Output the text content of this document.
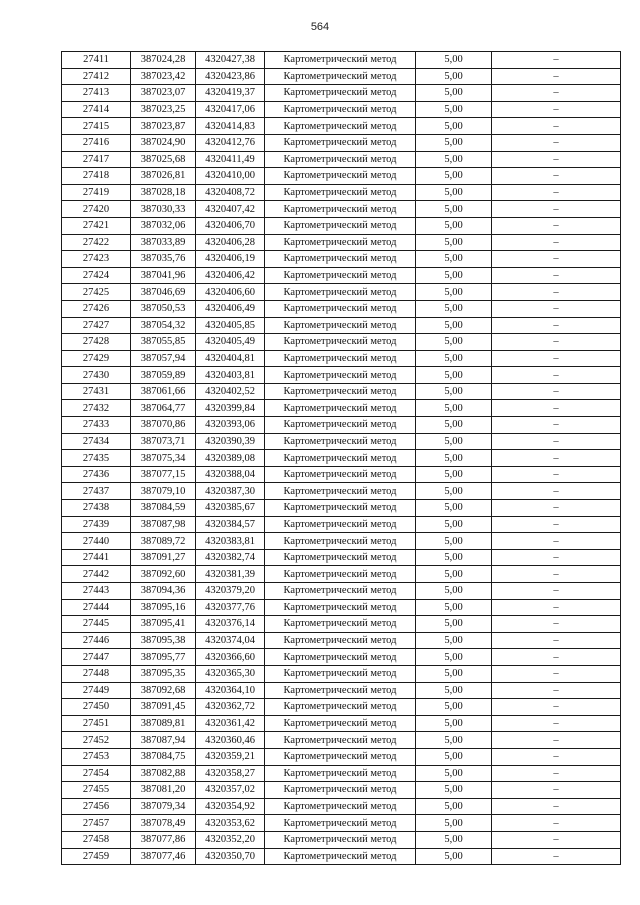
564
27411	387024,28	4320427,38	Картометрический метод	5,00	–
27412	387023,42	4320423,86	Картометрический метод	5,00	–
27413	387023,07	4320419,37	Картометрический метод	5,00	–
27414	387023,25	4320417,06	Картометрический метод	5,00	–
27415	387023,87	4320414,83	Картометрический метод	5,00	–
27416	387024,90	4320412,76	Картометрический метод	5,00	–
27417	387025,68	4320411,49	Картометрический метод	5,00	–
27418	387026,81	4320410,00	Картометрический метод	5,00	–
27419	387028,18	4320408,72	Картометрический метод	5,00	–
27420	387030,33	4320407,42	Картометрический метод	5,00	–
27421	387032,06	4320406,70	Картометрический метод	5,00	–
27422	387033,89	4320406,28	Картометрический метод	5,00	–
27423	387035,76	4320406,19	Картометрический метод	5,00	–
27424	387041,96	4320406,42	Картометрический метод	5,00	–
27425	387046,69	4320406,60	Картометрический метод	5,00	–
27426	387050,53	4320406,49	Картометрический метод	5,00	–
27427	387054,32	4320405,85	Картометрический метод	5,00	–
27428	387055,85	4320405,49	Картометрический метод	5,00	–
27429	387057,94	4320404,81	Картометрический метод	5,00	–
27430	387059,89	4320403,81	Картометрический метод	5,00	–
27431	387061,66	4320402,52	Картометрический метод	5,00	–
27432	387064,77	4320399,84	Картометрический метод	5,00	–
27433	387070,86	4320393,06	Картометрический метод	5,00	–
27434	387073,71	4320390,39	Картометрический метод	5,00	–
27435	387075,34	4320389,08	Картометрический метод	5,00	–
27436	387077,15	4320388,04	Картометрический метод	5,00	–
27437	387079,10	4320387,30	Картометрический метод	5,00	–
27438	387084,59	4320385,67	Картометрический метод	5,00	–
27439	387087,98	4320384,57	Картометрический метод	5,00	–
27440	387089,72	4320383,81	Картометрический метод	5,00	–
27441	387091,27	4320382,74	Картометрический метод	5,00	–
27442	387092,60	4320381,39	Картометрический метод	5,00	–
27443	387094,36	4320379,20	Картометрический метод	5,00	–
27444	387095,16	4320377,76	Картометрический метод	5,00	–
27445	387095,41	4320376,14	Картометрический метод	5,00	–
27446	387095,38	4320374,04	Картометрический метод	5,00	–
27447	387095,77	4320366,60	Картометрический метод	5,00	–
27448	387095,35	4320365,30	Картометрический метод	5,00	–
27449	387092,68	4320364,10	Картометрический метод	5,00	–
27450	387091,45	4320362,72	Картометрический метод	5,00	–
27451	387089,81	4320361,42	Картометрический метод	5,00	–
27452	387087,94	4320360,46	Картометрический метод	5,00	–
27453	387084,75	4320359,21	Картометрический метод	5,00	–
27454	387082,88	4320358,27	Картометрический метод	5,00	–
27455	387081,20	4320357,02	Картометрический метод	5,00	–
27456	387079,34	4320354,92	Картометрический метод	5,00	–
27457	387078,49	4320353,62	Картометрический метод	5,00	–
27458	387077,86	4320352,20	Картометрический метод	5,00	–
27459	387077,46	4320350,70	Картометрический метод	5,00	–
